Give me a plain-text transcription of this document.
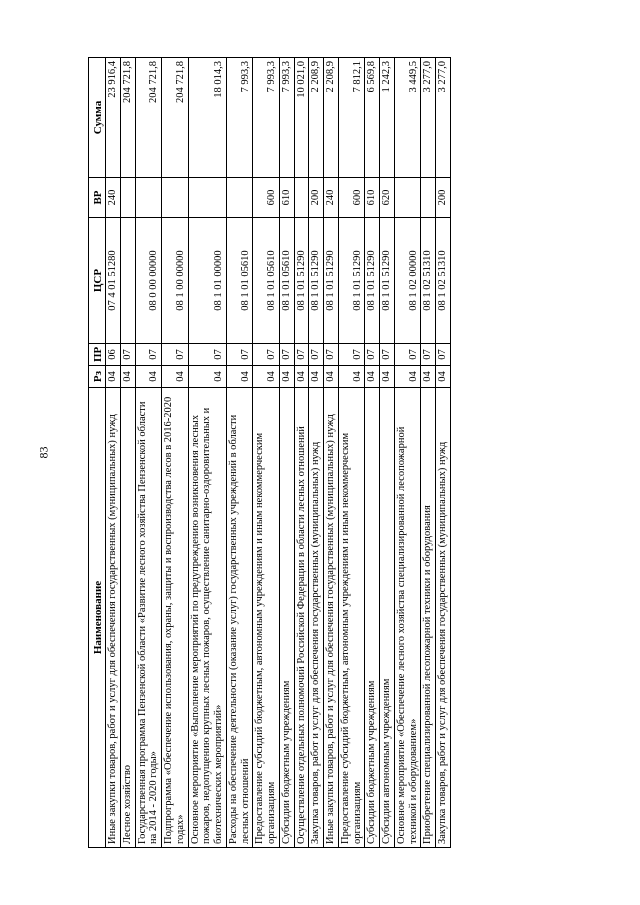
83
Наименование	Рз	ПР	ЦСР	ВР	Сумма
Иные закупки товаров, работ и услуг для обеспечения государственных (муниципальных) нужд	04	06	07 4 01 51280	240	23 916,4
Лесное хозяйство	04	07			204 721,8
Государственная программа Пензенской области «Развитие лесного хозяйства Пензенской области на 2014 - 2020 годы»	04	07	08 0 00 00000		204 721,8
Подпрограмма «Обеспечение использования, охраны, защиты и воспроизводства лесов в 2016-2020 годах»	04	07	08 1 00 00000		204 721,8
Основное мероприятие «Выполнение мероприятий по предупреждению возникновения лесных пожаров, недопущению крупных лесных пожаров, осуществление санитарно-оздоровительных и биотехнических мероприятий»	04	07	08 1 01 00000		18 014,3
Расходы на обеспечение деятельности (оказание услуг) государственных учреждений в области лесных отношений	04	07	08 1 01 05610		7 993,3
Предоставление субсидий бюджетным, автономным учреждениям и иным некоммерческим организациям	04	07	08 1 01 05610	600	7 993,3
Субсидии бюджетным учреждениям	04	07	08 1 01 05610	610	7 993,3
Осуществление отдельных полномочий Российской Федерации в области лесных отношений	04	07	08 1 01 51290		10 021,0
Закупка товаров, работ и услуг для обеспечения государственных (муниципальных) нужд	04	07	08 1 01 51290	200	2 208,9
Иные закупки товаров, работ и услуг для обеспечения государственных (муниципальных) нужд	04	07	08 1 01 51290	240	2 208,9
Предоставление субсидий бюджетным, автономным учреждениям и иным некоммерческим организациям	04	07	08 1 01 51290	600	7 812,1
Субсидии бюджетным учреждениям	04	07	08 1 01 51290	610	6 569,8
Субсидии автономным учреждениям	04	07	08 1 01 51290	620	1 242,3
Основное мероприятие «Обеспечение лесного хозяйства специализированной лесопожарной техникой и оборудованием»	04	07	08 1 02 00000		3 449,5
Приобретение специализированной лесопожарной техники и оборудования	04	07	08 1 02 51310		3 277,0
Закупка товаров, работ и услуг для обеспечения государственных (муниципальных) нужд	04	07	08 1 02 51310	200	3 277,0
